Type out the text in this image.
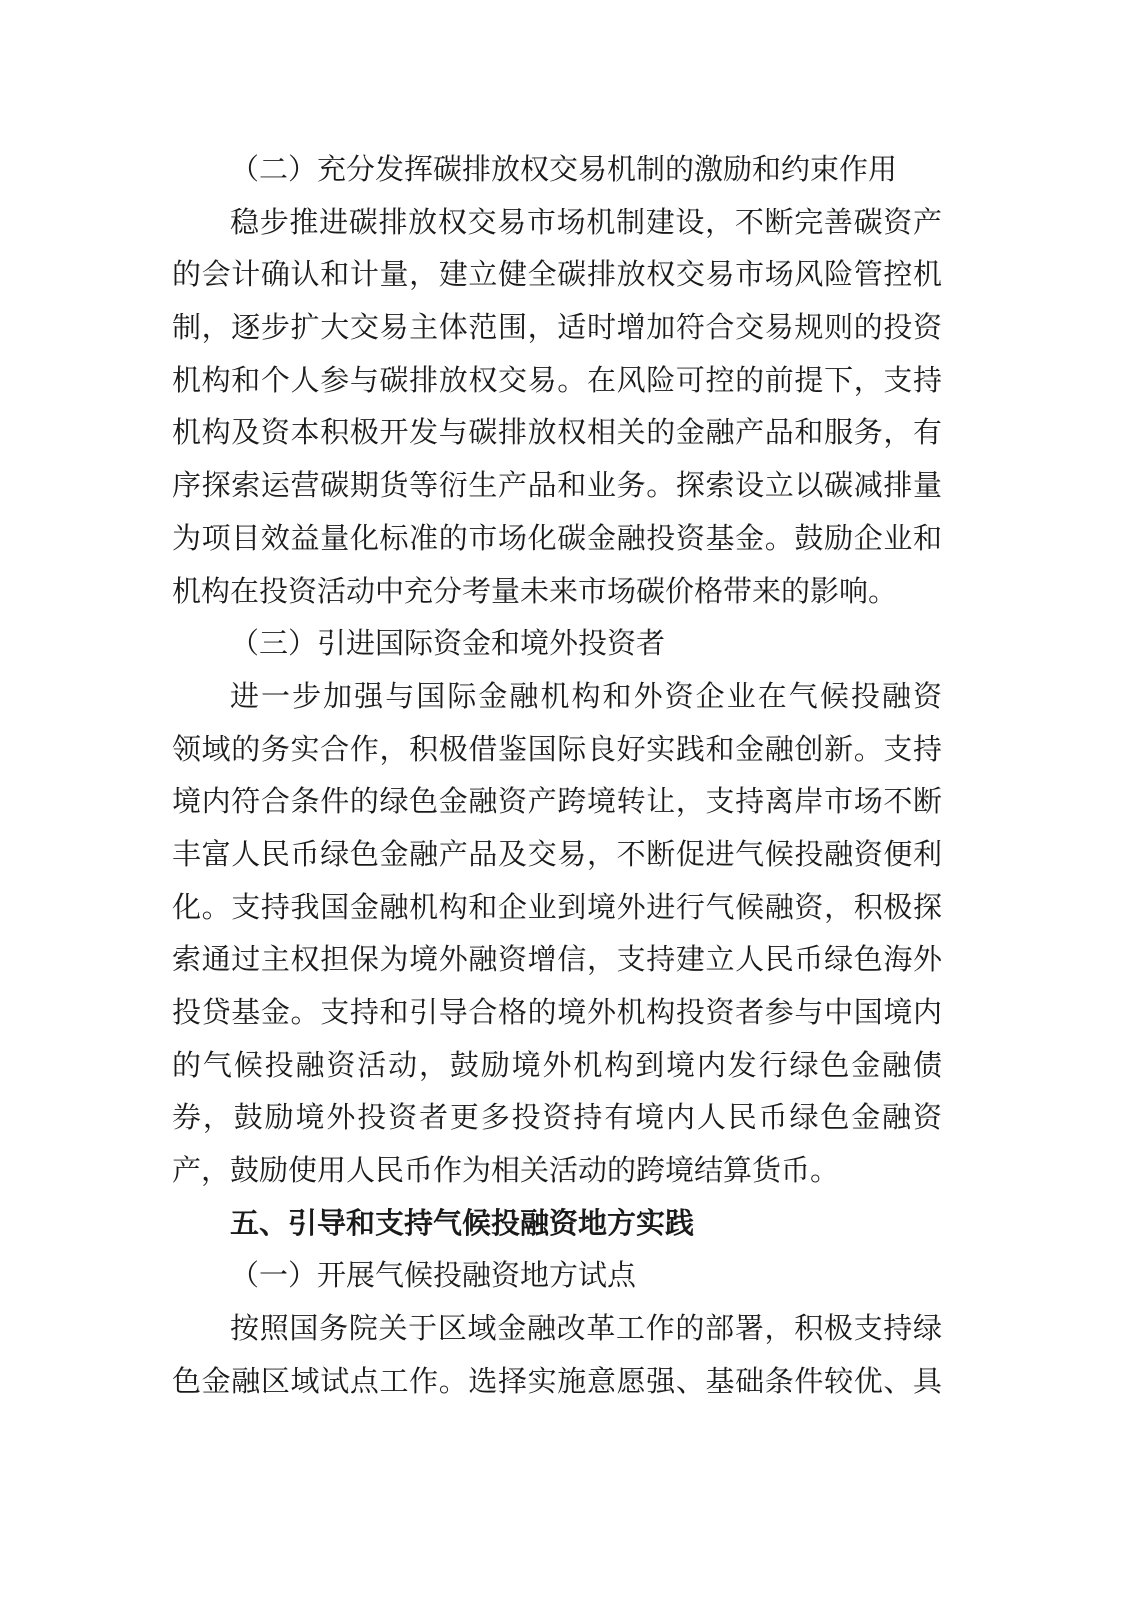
（二）充分发挥碳排放权交易机制的激励和约束作用
稳步推进碳排放权交易市场机制建设，不断完善碳资产
的会计确认和计量，建立健全碳排放权交易市场风险管控机
制，逐步扩大交易主体范围，适时增加符合交易规则的投资
机构和个人参与碳排放权交易。在风险可控的前提下，支持
机构及资本积极开发与碳排放权相关的金融产品和服务，有
序探索运营碳期货等衍生产品和业务。探索设立以碳减排量
为项目效益量化标准的市场化碳金融投资基金。鼓励企业和
机构在投资活动中充分考量未来市场碳价格带来的影响。
（三）引进国际资金和境外投资者
进一步加强与国际金融机构和外资企业在气候投融资
领域的务实合作，积极借鉴国际良好实践和金融创新。支持
境内符合条件的绿色金融资产跨境转让，支持离岸市场不断
丰富人民币绿色金融产品及交易，不断促进气候投融资便利
化。支持我国金融机构和企业到境外进行气候融资，积极探
索通过主权担保为境外融资增信，支持建立人民币绿色海外
投贷基金。支持和引导合格的境外机构投资者参与中国境内
的气候投融资活动，鼓励境外机构到境内发行绿色金融债
券，鼓励境外投资者更多投资持有境内人民币绿色金融资
产，鼓励使用人民币作为相关活动的跨境结算货币。
五、引导和支持气候投融资地方实践
（一）开展气候投融资地方试点
按照国务院关于区域金融改革工作的部署，积极支持绿
色金融区域试点工作。选择实施意愿强、基础条件较优、具
